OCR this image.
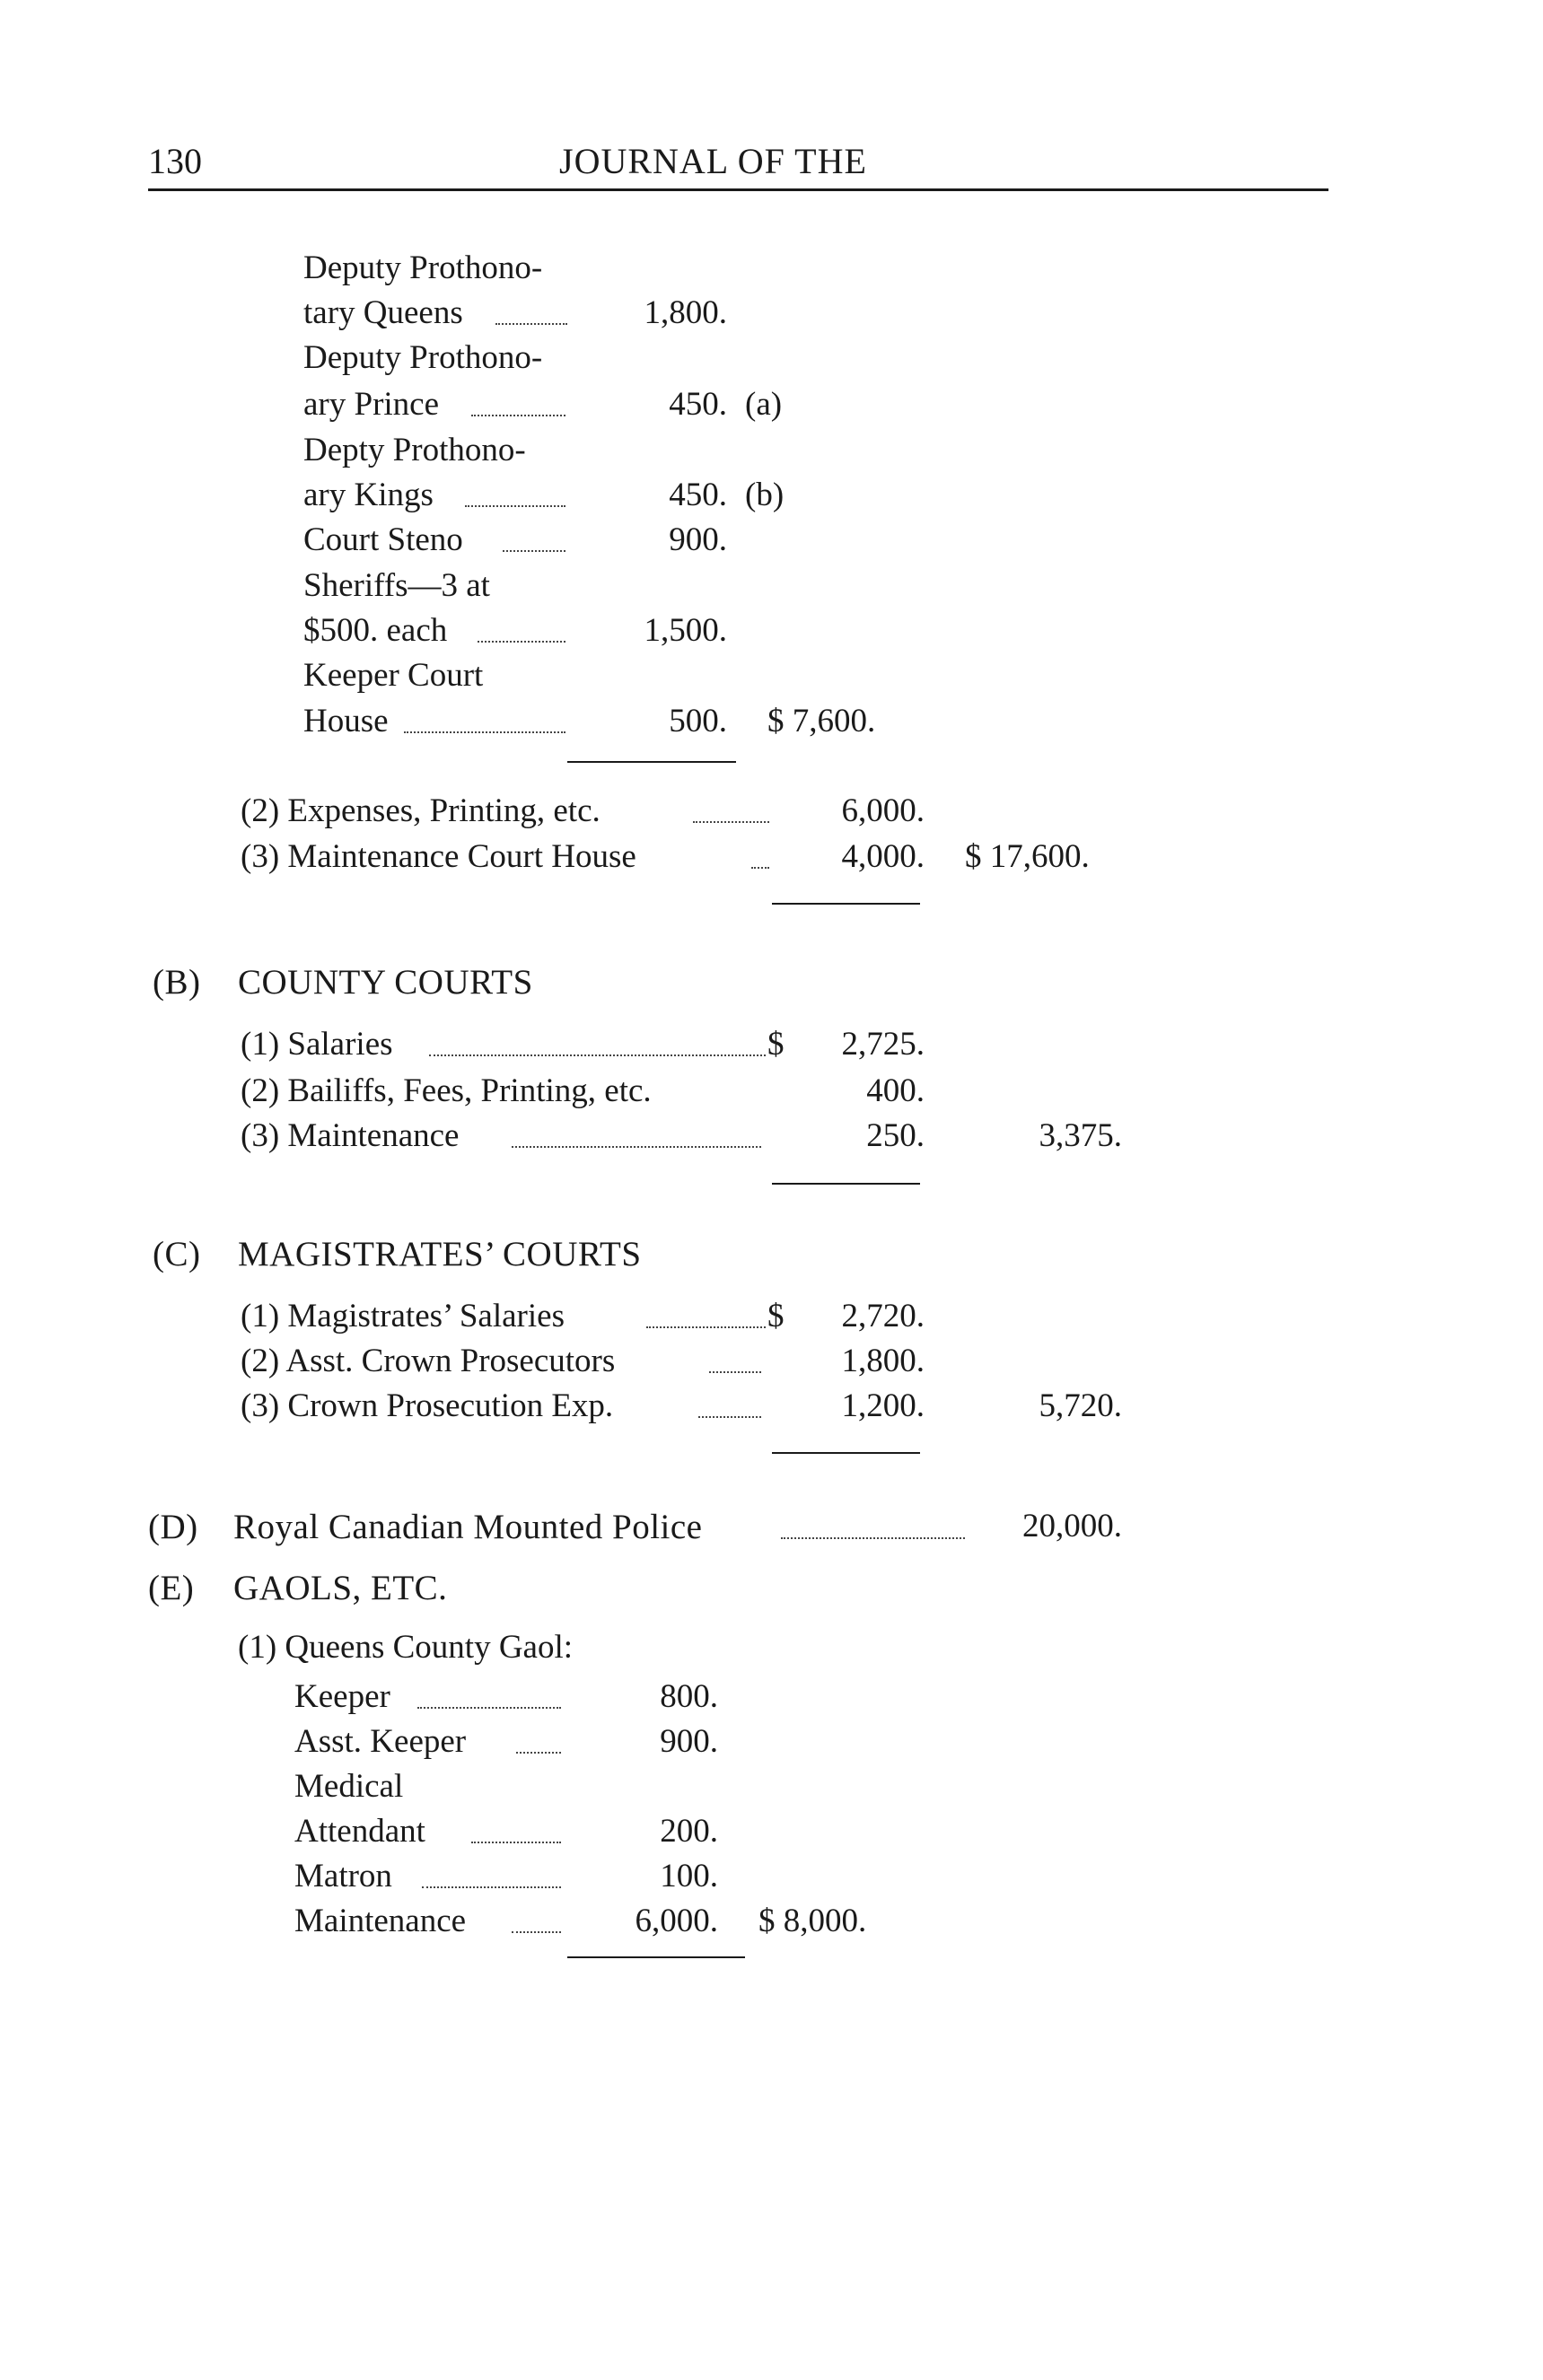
130	JOURNAL OF THE
Deputy Prothono-
tary Queens	1,800.
Deputy Prothono-
ary Prince	450. (a)
Depty Prothono-
ary Kings	450. (b)
Court Steno	900.
Sheriffs—3 at
$500. each	1,500.
Keeper Court
House	500. $ 7,600.
(2) Expenses, Printing, etc.	6,000.
(3) Maintenance Court House	4,000. $ 17,600.
(B) COUNTY COURTS
(1) Salaries	$	2,725.
(2) Bailiffs, Fees, Printing, etc.	400.
(3) Maintenance	250.	3,375.
(C) MAGISTRATES’ COURTS
(1) Magistrates’ Salaries	$	2,720.
(2) Asst. Crown Prosecutors	1,800.
(3) Crown Prosecution Exp.	1,200.	5,720.
(D) Royal Canadian Mounted Police	20,000.
(E) GAOLS, ETC.
(1) Queens County Gaol:
Keeper	800.
Asst. Keeper	900.
Medical
Attendant	200.
Matron	100.
Maintenance	6,000. $ 8,000.
